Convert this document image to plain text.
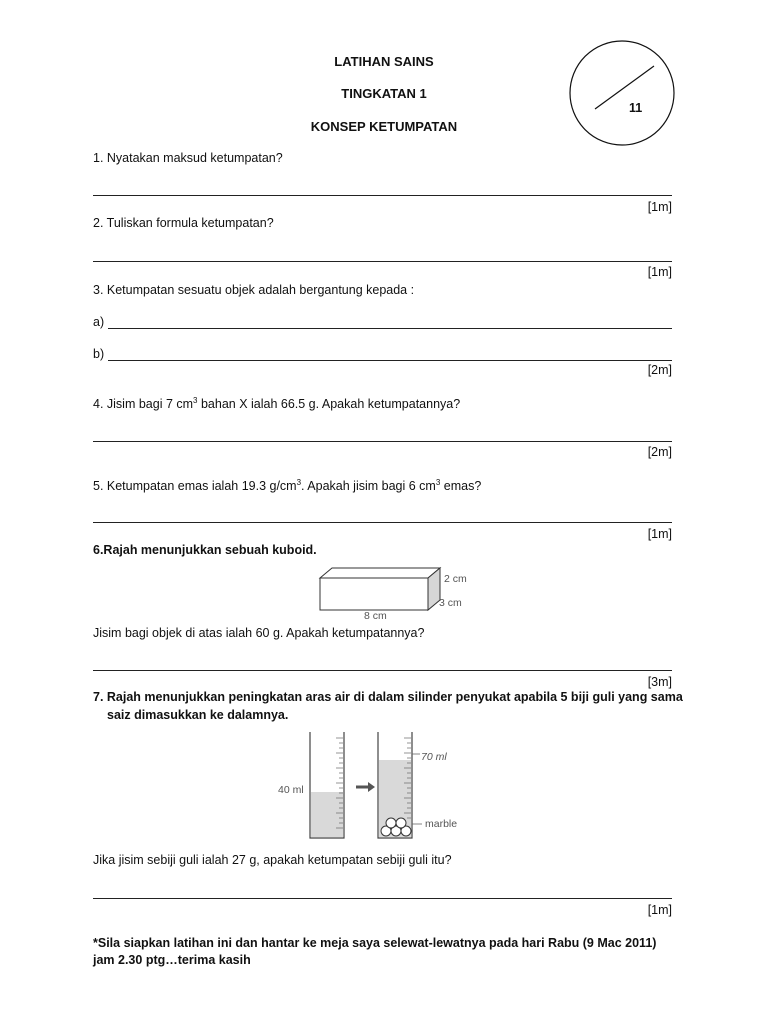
LATIHAN SAINS
TINGKATAN 1
KONSEP KETUMPATAN
11
1. Nyatakan maksud ketumpatan?
[1m]
2. Tuliskan formula ketumpatan?
[1m]
3. Ketumpatan sesuatu objek adalah bergantung kepada :
a)
b)
[2m]
4. Jisim bagi 7 $cm^3$ bahan X ialah 66.5 g. Apakah ketumpatannya?
[2m]
5. Ketumpatan emas ialah 19.3 $g/cm^3$. Apakah jisim bagi 6 $cm^3$ emas?
[1m]
6.Rajah menunjukkan sebuah kuboid.
2 cm
3 cm
8 cm
Jisim bagi objek di atas ialah 60 g. Apakah ketumpatannya?
[3m]
7. Rajah menunjukkan peningkatan aras air di dalam silinder penyukat apabila 5 biji guli yang sama
saiz dimasukkan ke dalamnya.
40 ml
70 ml
marble
Jika jisim sebiji guli ialah 27 g, apakah ketumpatan sebiji guli itu?
[1m]
*Sila siapkan latihan ini dan hantar ke meja saya selewat-lewatnya pada hari Rabu (9 Mac 2011)
jam 2.30 ptg…terima kasih
